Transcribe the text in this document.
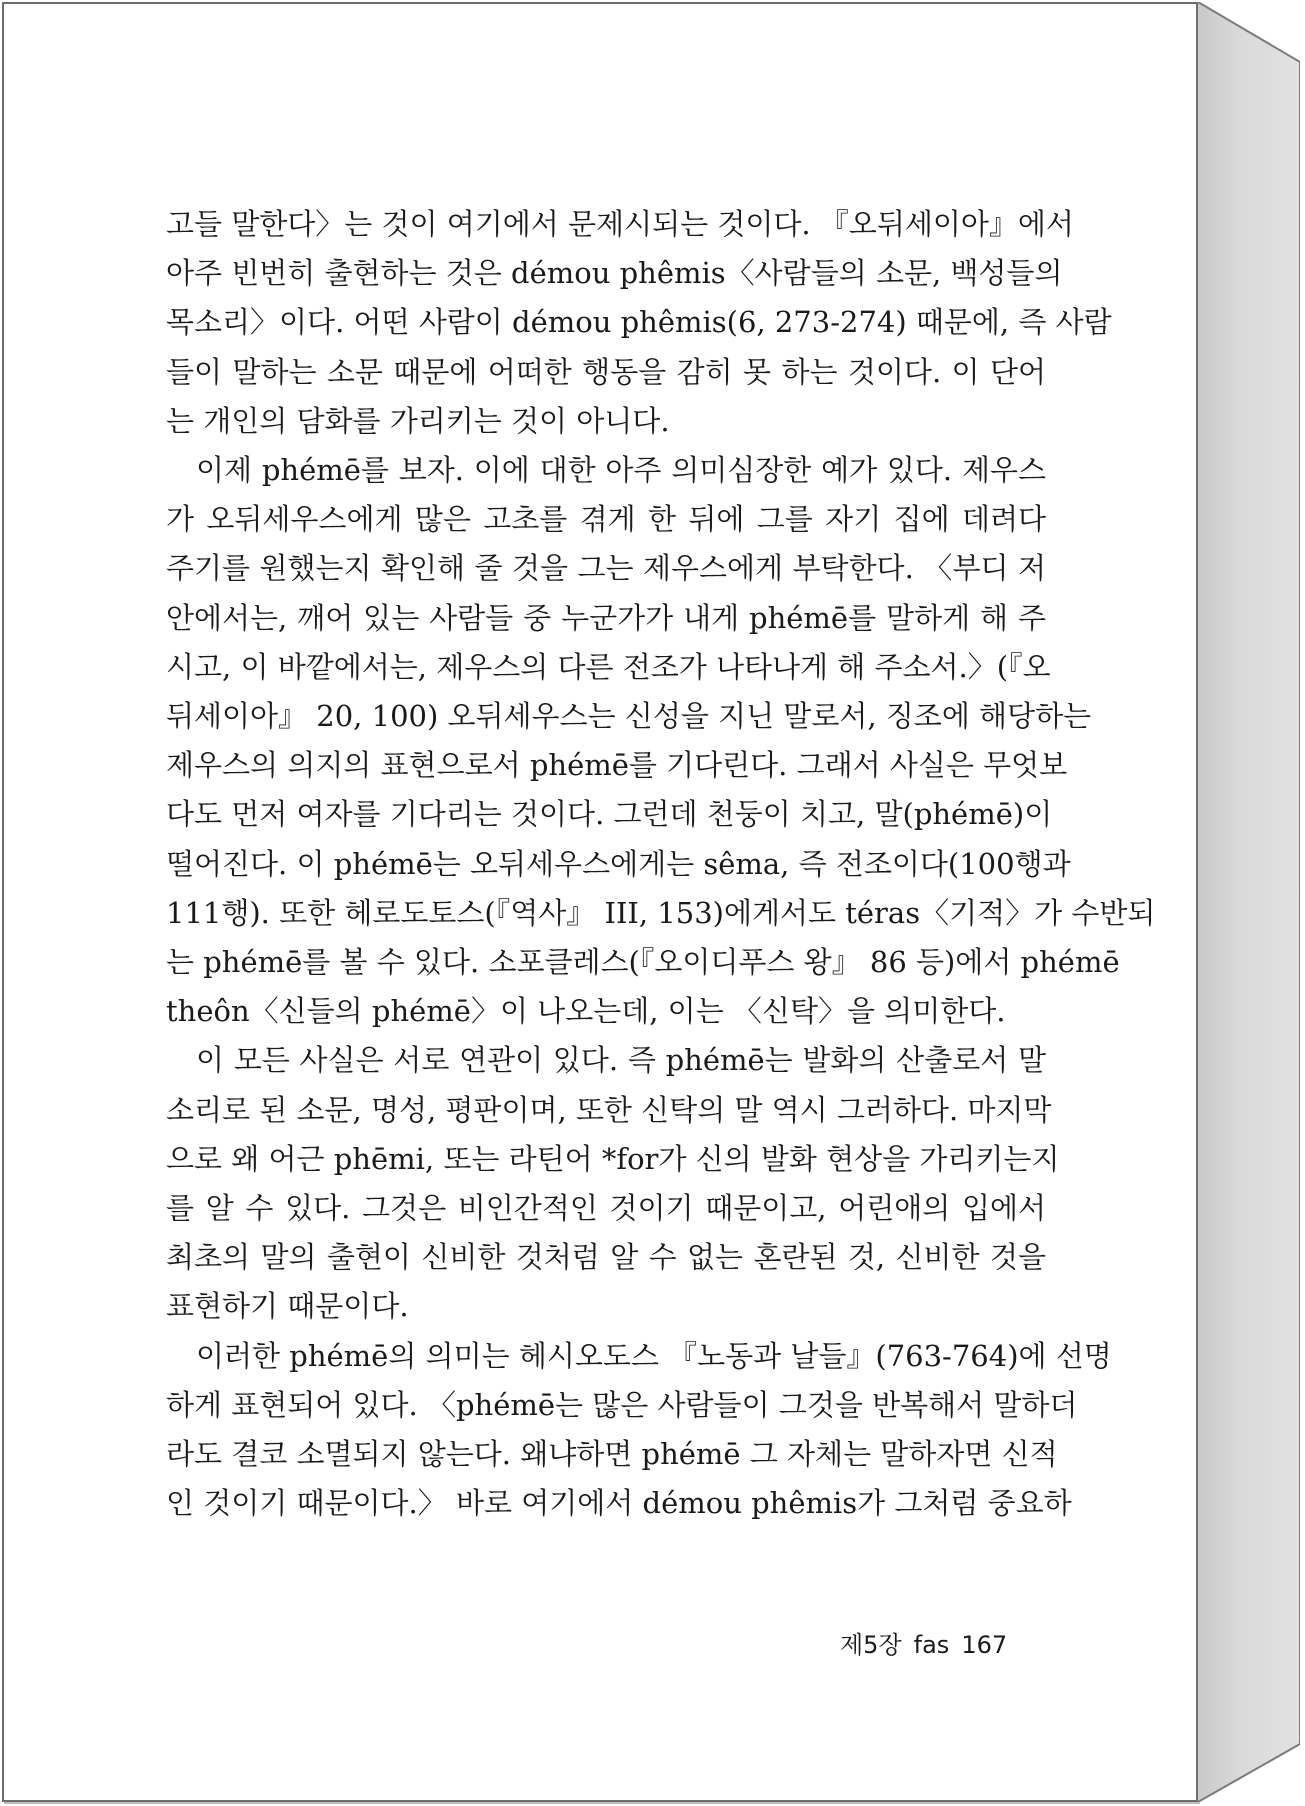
고들 말한다〉는 것이 여기에서 문제시되는 것이다. 『오뒤세이아』에서
아주 빈번히 출현하는 것은 démou phêmis〈사람들의 소문, 백성들의
목소리〉이다. 어떤 사람이 démou phêmis(6, 273-274) 때문에, 즉 사람
들이 말하는 소문 때문에 어떠한 행동을 감히 못 하는 것이다. 이 단어
는 개인의 담화를 가리키는 것이 아니다.

이제 phémē를 보자. 이에 대한 아주 의미심장한 예가 있다. 제우스
가 오뒤세우스에게 많은 고초를 겪게 한 뒤에 그를 자기 집에 데려다
주기를 원했는지 확인해 줄 것을 그는 제우스에게 부탁한다. 〈부디 저
안에서는, 깨어 있는 사람들 중 누군가가 내게 phémē를 말하게 해 주
시고, 이 바깥에서는, 제우스의 다른 전조가 나타나게 해 주소서.〉(『오
뒤세이아』 20, 100) 오뒤세우스는 신성을 지닌 말로서, 징조에 해당하는
제우스의 의지의 표현으로서 phémē를 기다린다. 그래서 사실은 무엇보
다도 먼저 여자를 기다리는 것이다. 그런데 천둥이 치고, 말(phémē)이
떨어진다. 이 phémē는 오뒤세우스에게는 sêma, 즉 전조이다(100행과
111행). 또한 헤로도토스(『역사』 III, 153)에게서도 téras〈기적〉가 수반되
는 phémē를 볼 수 있다. 소포클레스(『오이디푸스 왕』 86 등)에서 phémē
theôn〈신들의 phémē〉이 나오는데, 이는 〈신탁〉을 의미한다.

이 모든 사실은 서로 연관이 있다. 즉 phémē는 발화의 산출로서 말
소리로 된 소문, 명성, 평판이며, 또한 신탁의 말 역시 그러하다. 마지막
으로 왜 어근 phēmi, 또는 라틴어 *for가 신의 발화 현상을 가리키는지
를 알 수 있다. 그것은 비인간적인 것이기 때문이고, 어린애의 입에서
최초의 말의 출현이 신비한 것처럼 알 수 없는 혼란된 것, 신비한 것을
표현하기 때문이다.

이러한 phémē의 의미는 헤시오도스 『노동과 날들』(763-764)에 선명
하게 표현되어 있다. 〈phémē는 많은 사람들이 그것을 반복해서 말하더
라도 결코 소멸되지 않는다. 왜냐하면 phémē 그 자체는 말하자면 신적
인 것이기 때문이다.〉 바로 여기에서 démou phêmis가 그처럼 중요하

제5장 fas 167
